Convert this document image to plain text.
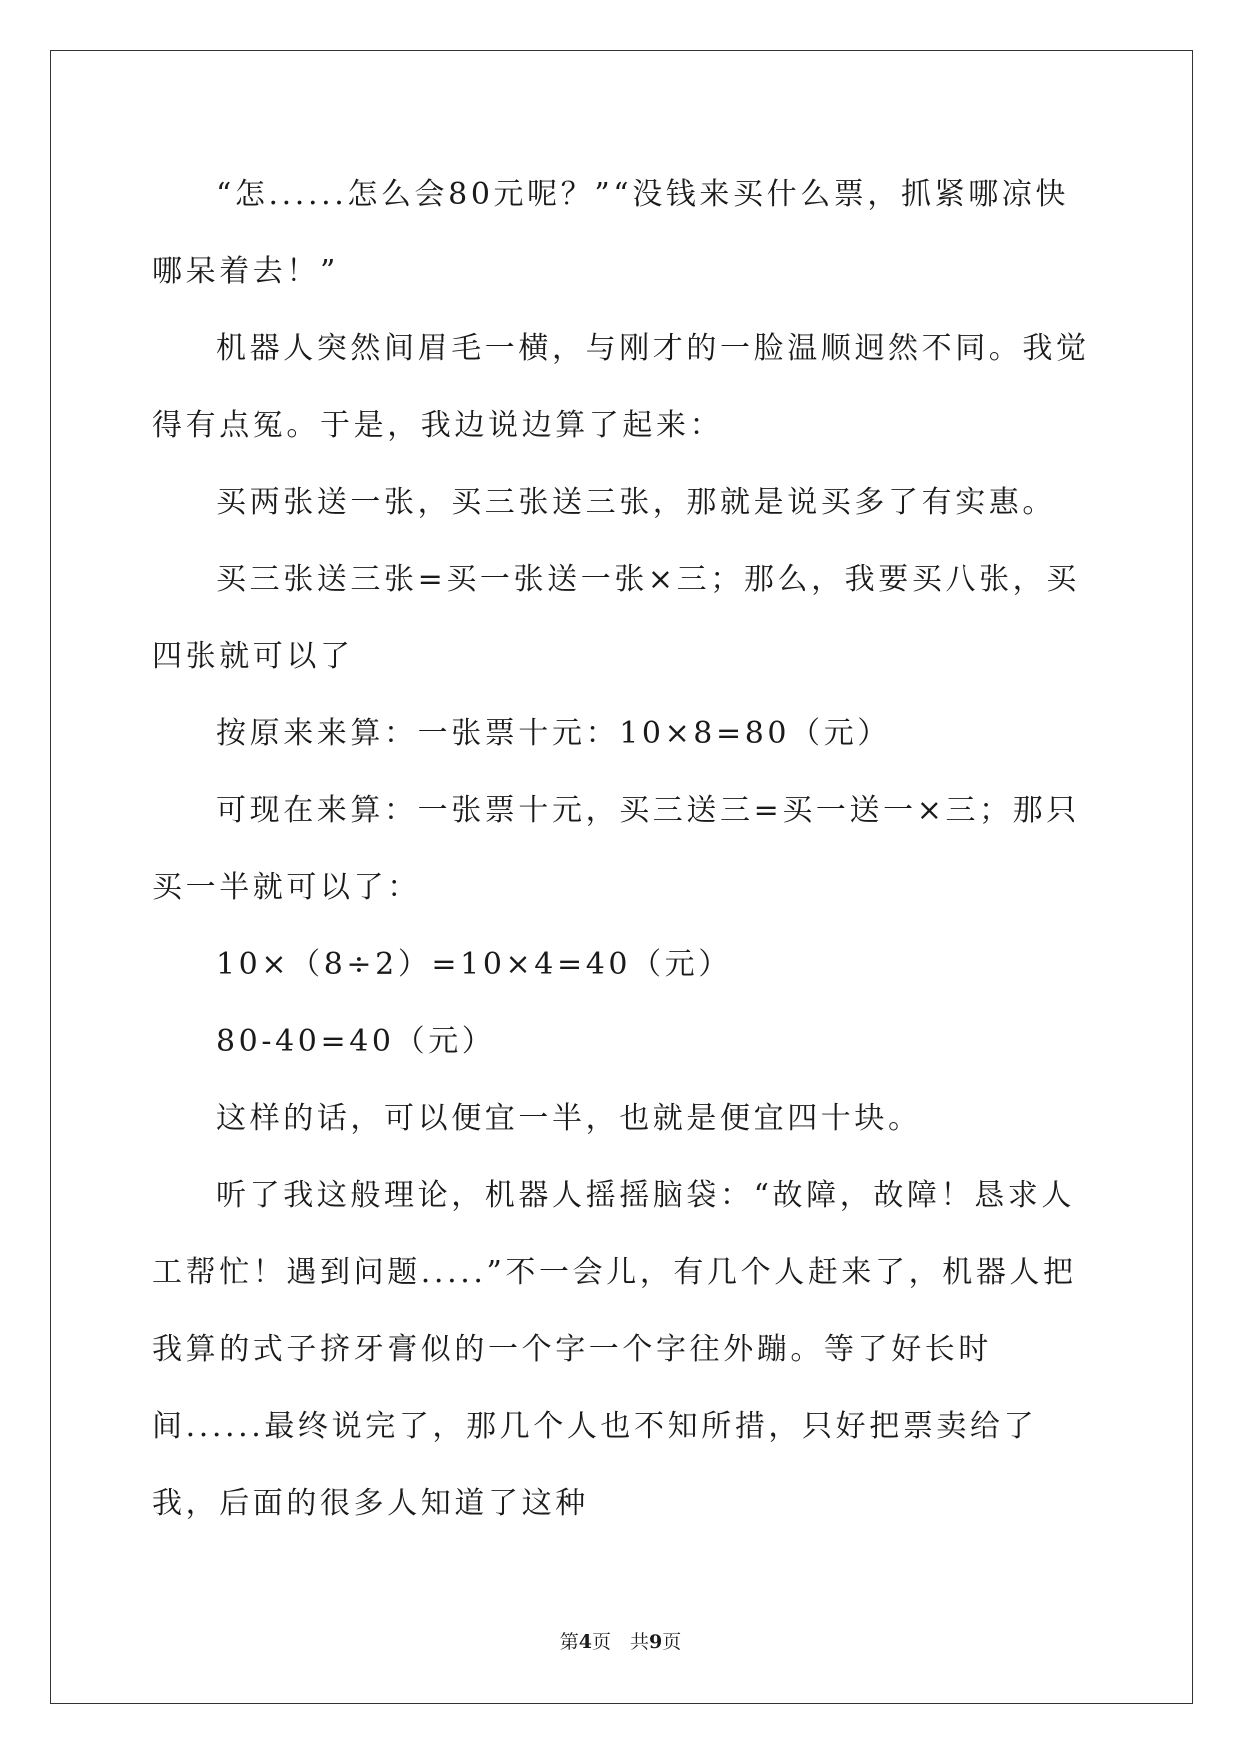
“怎......怎么会80元呢？”“没钱来买什么票，抓紧哪凉快哪呆着去！”

机器人突然间眉毛一横，与刚才的一脸温顺迥然不同。我觉得有点冤。于是，我边说边算了起来：

买两张送一张，买三张送三张，那就是说买多了有实惠。

买三张送三张=买一张送一张×三；那么，我要买八张，买四张就可以了

按原来来算：一张票十元：10×8=80（元）

可现在来算：一张票十元，买三送三=买一送一×三；那只买一半就可以了：

10×（8÷2）=10×4=40（元）

80-40=40（元）

这样的话，可以便宜一半，也就是便宜四十块。

听了我这般理论，机器人摇摇脑袋：“故障，故障！恳求人工帮忙！遇到问题.....”不一会儿，有几个人赶来了，机器人把我算的式子挤牙膏似的一个字一个字往外蹦。等了好长时间......最终说完了，那几个人也不知所措，只好把票卖给了我，后面的很多人知道了这种

第4页　共9页
